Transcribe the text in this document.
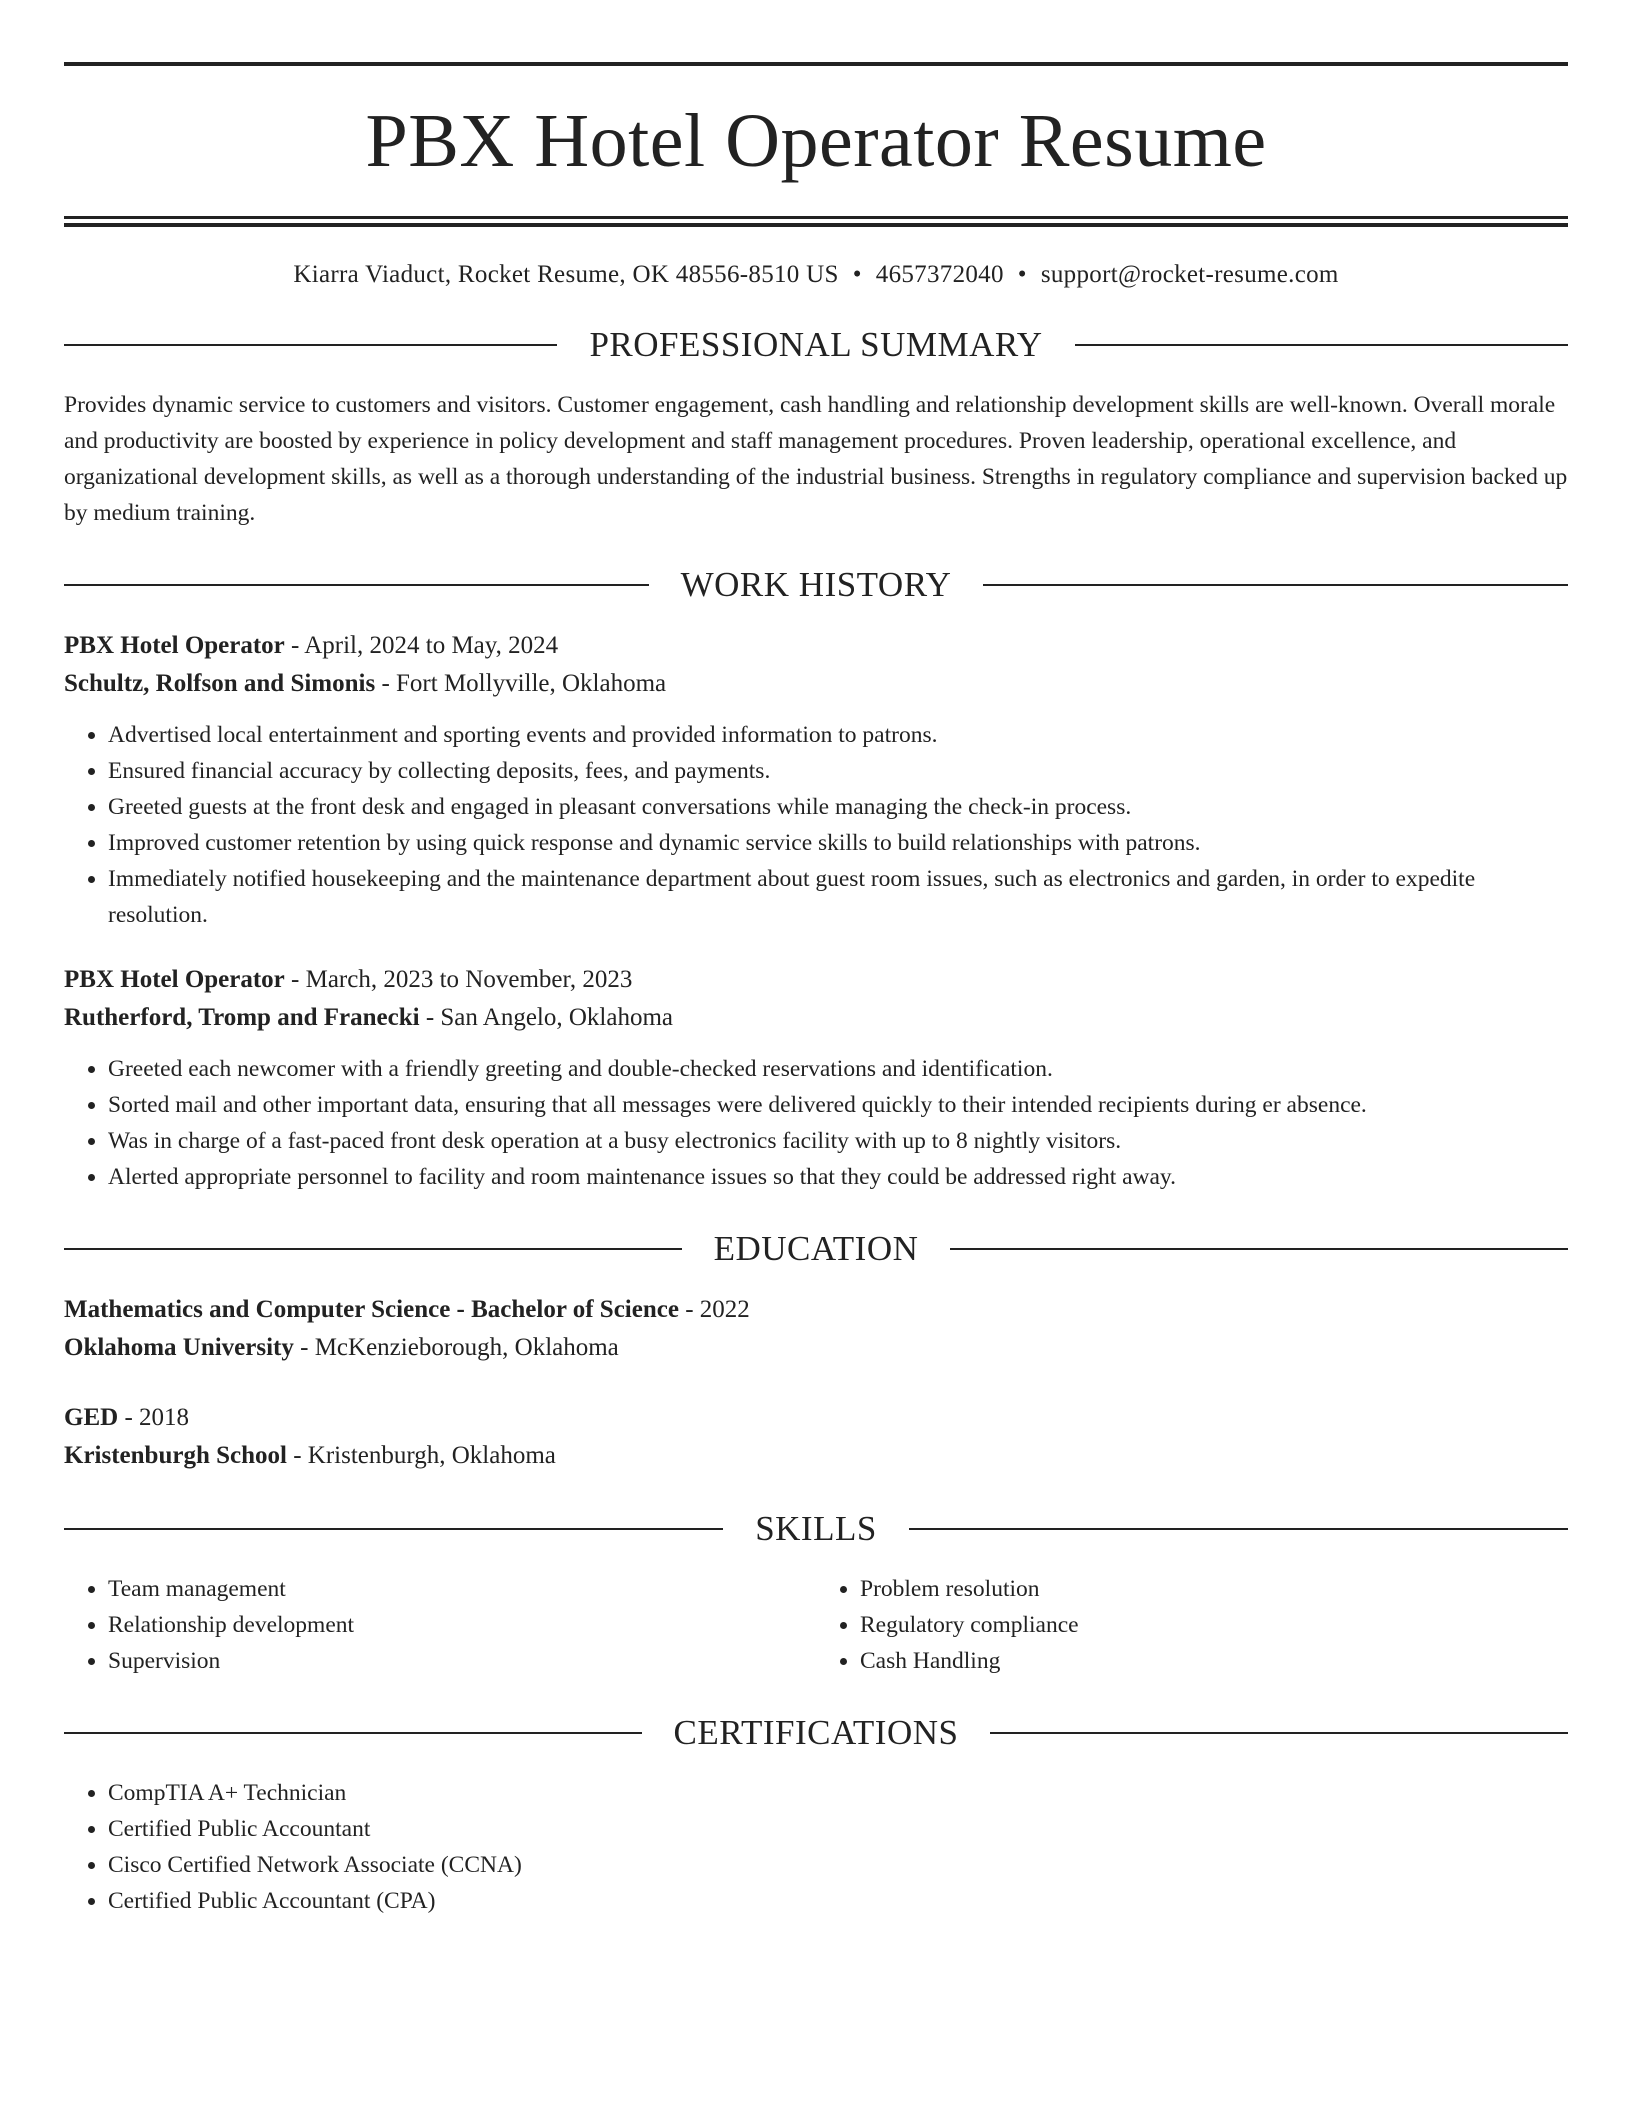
PBX Hotel Operator Resume
Kiarra Viaduct, Rocket Resume, OK 48556-8510 US • 4657372040 • support@rocket-resume.com
PROFESSIONAL SUMMARY

Provides dynamic service to customers and visitors. Customer engagement, cash handling and relationship development skills are well-known. Overall morale and productivity are boosted by experience in policy development and staff management procedures. Proven leadership, operational excellence, and organizational development skills, as well as a thorough understanding of the industrial business. Strengths in regulatory compliance and supervision backed up by medium training.

WORK HISTORY
PBX Hotel Operator - April, 2024 to May, 2024
Schultz, Rolfson and Simonis - Fort Mollyville, Oklahoma
• Advertised local entertainment and sporting events and provided information to patrons.
• Ensured financial accuracy by collecting deposits, fees, and payments.
• Greeted guests at the front desk and engaged in pleasant conversations while managing the check-in process.
• Improved customer retention by using quick response and dynamic service skills to build relationships with patrons.
• Immediately notified housekeeping and the maintenance department about guest room issues, such as electronics and garden, in order to expedite resolution.
PBX Hotel Operator - March, 2023 to November, 2023
Rutherford, Tromp and Franecki - San Angelo, Oklahoma
• Greeted each newcomer with a friendly greeting and double-checked reservations and identification.
• Sorted mail and other important data, ensuring that all messages were delivered quickly to their intended recipients during er absence.
• Was in charge of a fast-paced front desk operation at a busy electronics facility with up to 8 nightly visitors.
• Alerted appropriate personnel to facility and room maintenance issues so that they could be addressed right away.
EDUCATION
Mathematics and Computer Science - Bachelor of Science - 2022
Oklahoma University - McKenzieborough, Oklahoma
GED - 2018
Kristenburgh School - Kristenburgh, Oklahoma
SKILLS
• Team management
• Relationship development
• Supervision
• Problem resolution
• Regulatory compliance
• Cash Handling
CERTIFICATIONS
• CompTIA A+ Technician
• Certified Public Accountant
• Cisco Certified Network Associate (CCNA)
• Certified Public Accountant (CPA)
